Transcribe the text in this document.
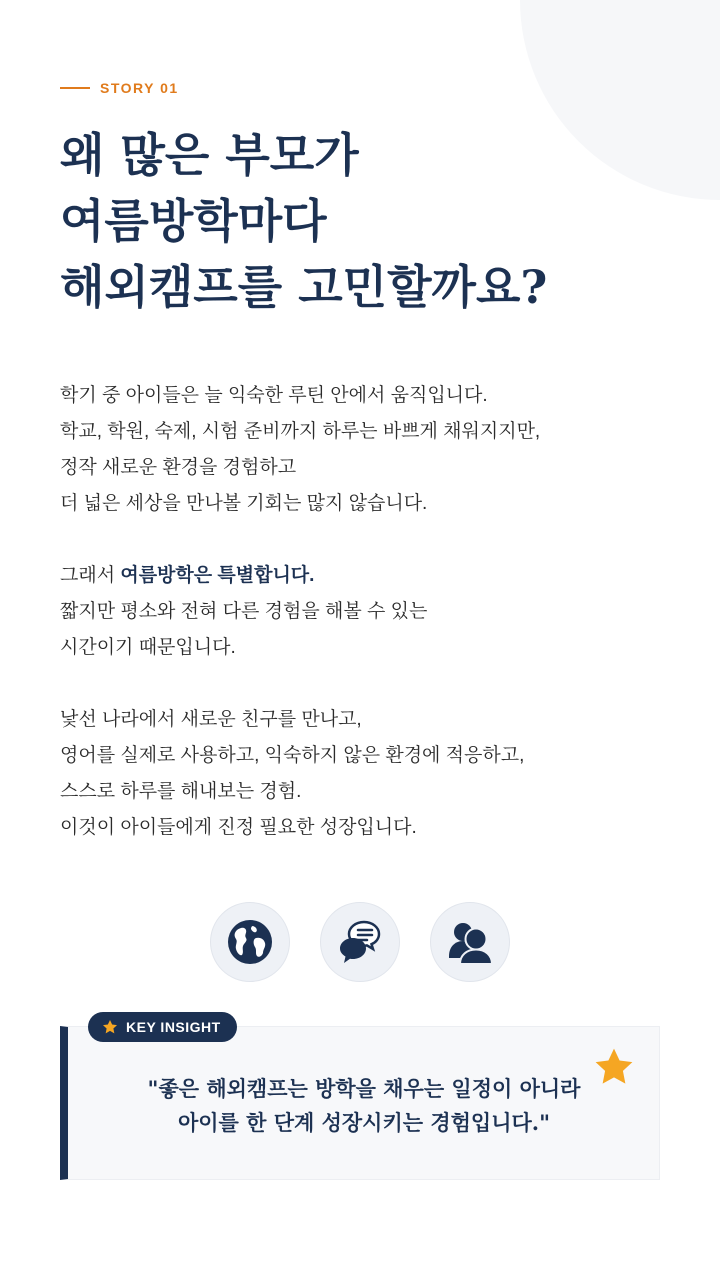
STORY 01
왜 많은 부모가
여름방학마다
해외캠프를 고민할까요?

학기 중 아이들은 늘 익숙한 루틴 안에서 움직입니다.
학교, 학원, 숙제, 시험 준비까지 하루는 바쁘게 채워지지만,
정작 새로운 환경을 경험하고
더 넓은 세상을 만나볼 기회는 많지 않습니다.

그래서 여름방학은 특별합니다.
짧지만 평소와 전혀 다른 경험을 해볼 수 있는
시간이기 때문입니다.

낯선 나라에서 새로운 친구를 만나고,
영어를 실제로 사용하고, 익숙하지 않은 환경에 적응하고,
스스로 하루를 해내보는 경험.
이것이 아이들에게 진정 필요한 성장입니다.

KEY INSIGHT
"좋은 해외캠프는 방학을 채우는 일정이 아니라
아이를 한 단계 성장시키는 경험입니다."
